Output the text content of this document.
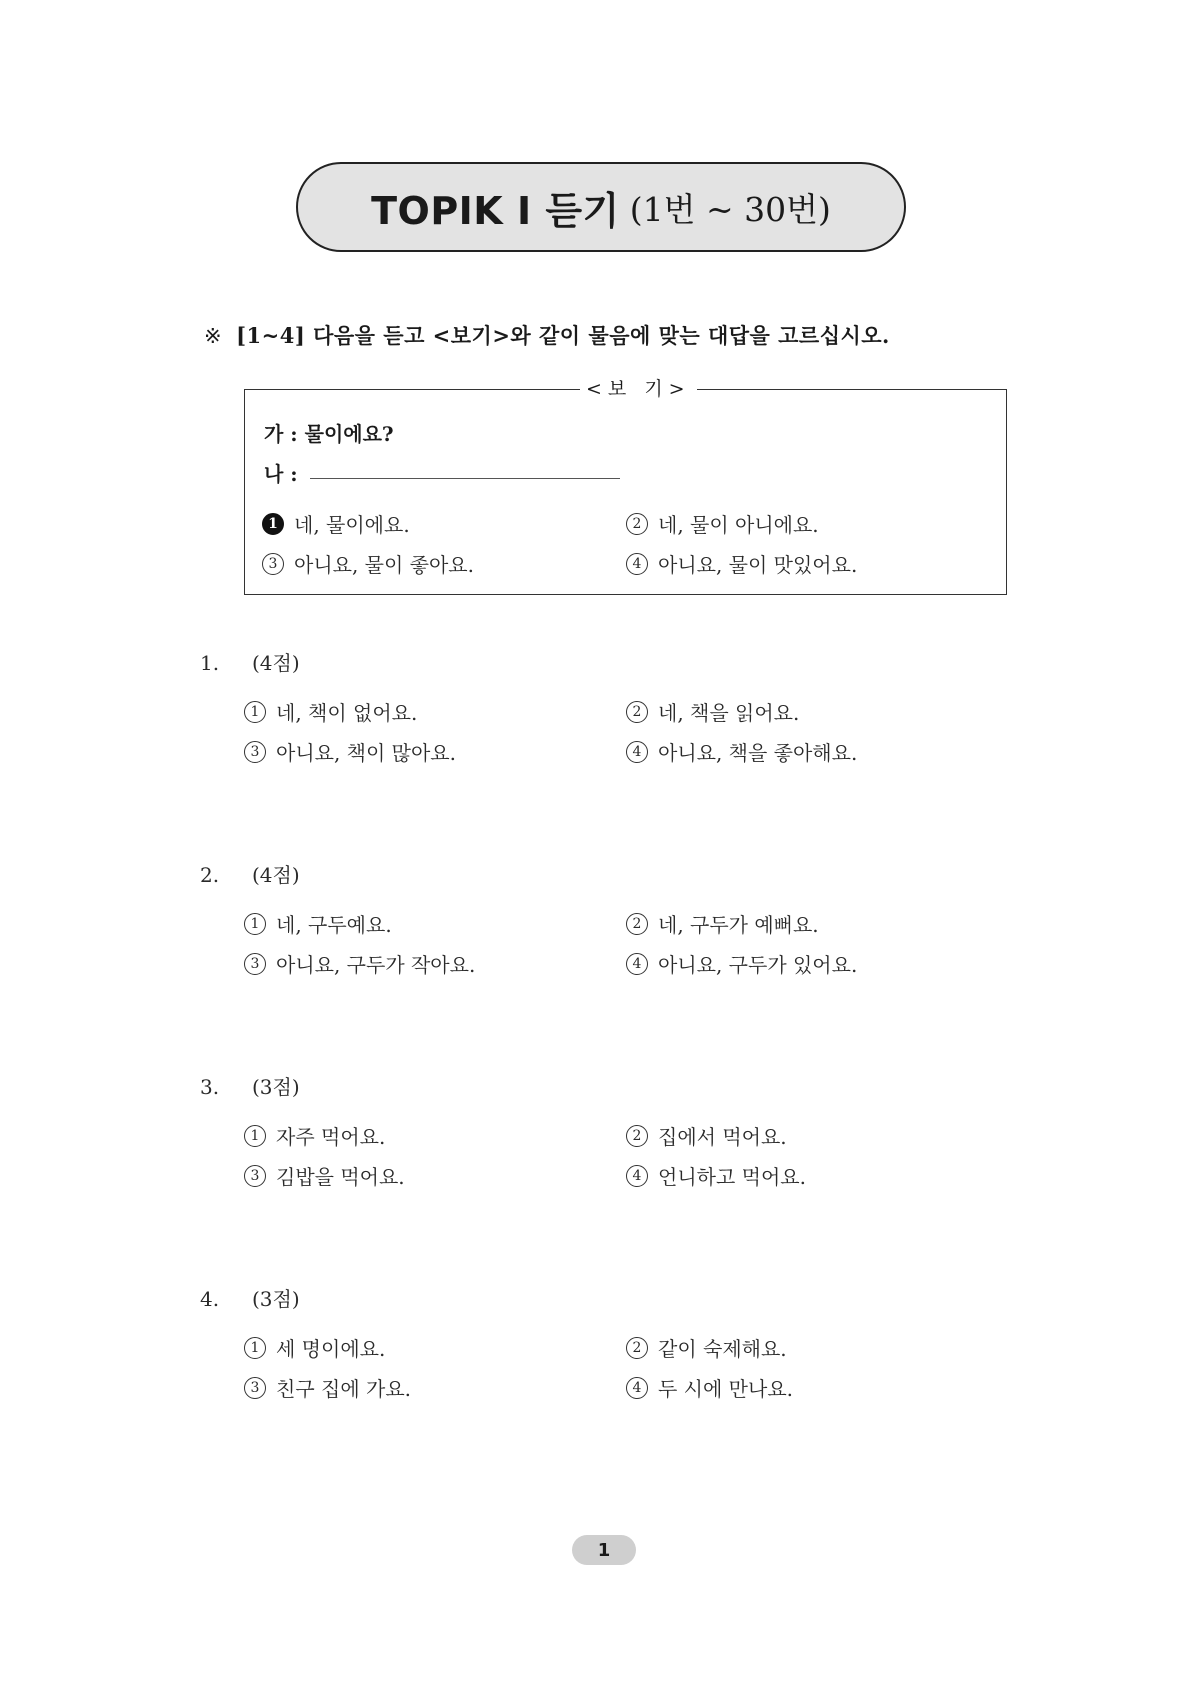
TOPIK Ⅰ 듣기 (1번 ~ 30번)
※ [1~4] 다음을 듣고 <보기>와 같이 물음에 맞는 대답을 고르십시오.
<보 기>
가 : 물이에요?
나 :
1 네, 물이에요.	2 네, 물이 아니에요.
3 아니요, 물이 좋아요.	4 아니요, 물이 맛있어요.
1. (4점)
1 네, 책이 없어요.	2 네, 책을 읽어요.
3 아니요, 책이 많아요.	4 아니요, 책을 좋아해요.
2. (4점)
1 네, 구두예요.	2 네, 구두가 예뻐요.
3 아니요, 구두가 작아요.	4 아니요, 구두가 있어요.
3. (3점)
1 자주 먹어요.	2 집에서 먹어요.
3 김밥을 먹어요.	4 언니하고 먹어요.
4. (3점)
1 세 명이에요.	2 같이 숙제해요.
3 친구 집에 가요.	4 두 시에 만나요.
1
